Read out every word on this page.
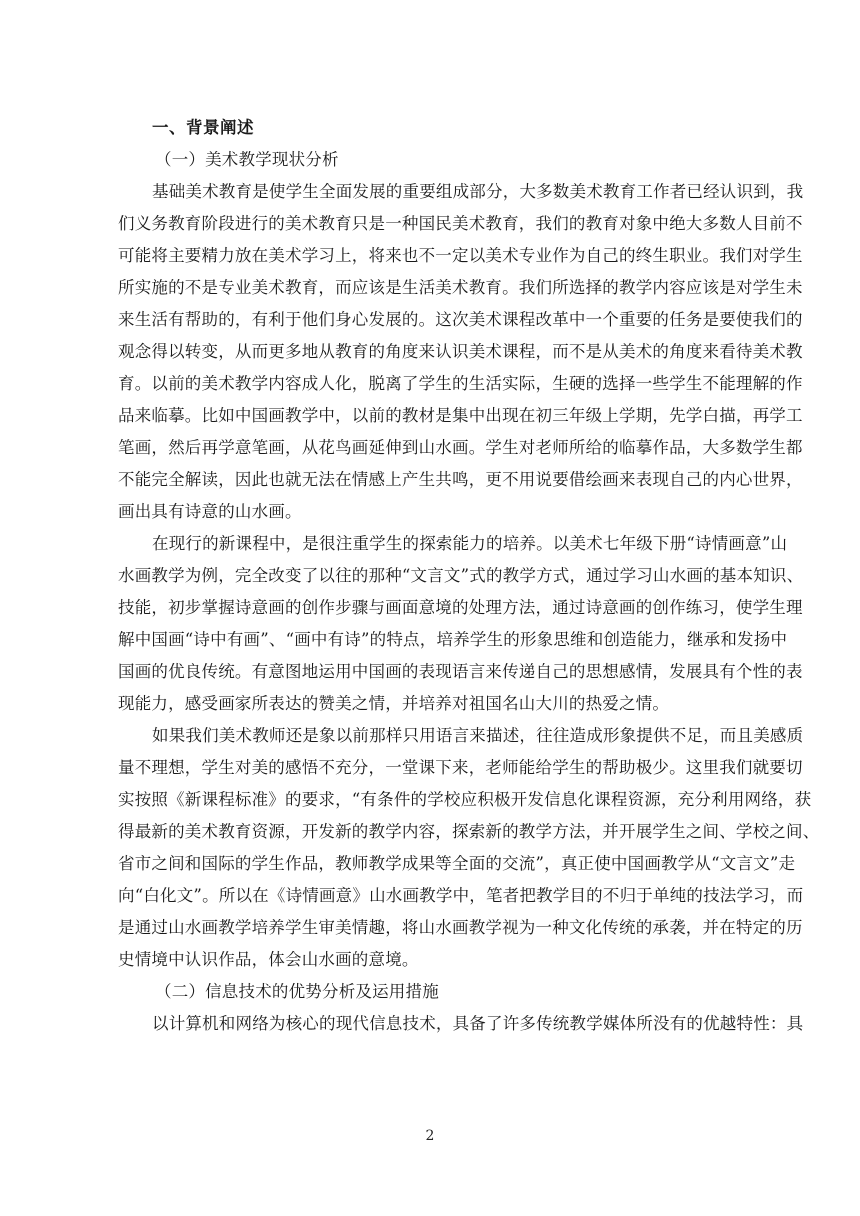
一、背景阐述
（一）美术教学现状分析
基础美术教育是使学生全面发展的重要组成部分，大多数美术教育工作者已经认识到，我
们义务教育阶段进行的美术教育只是一种国民美术教育，我们的教育对象中绝大多数人目前不
可能将主要精力放在美术学习上，将来也不一定以美术专业作为自己的终生职业。我们对学生
所实施的不是专业美术教育，而应该是生活美术教育。我们所选择的教学内容应该是对学生未
来生活有帮助的，有利于他们身心发展的。这次美术课程改革中一个重要的任务是要使我们的
观念得以转变，从而更多地从教育的角度来认识美术课程，而不是从美术的角度来看待美术教
育。以前的美术教学内容成人化，脱离了学生的生活实际，生硬的选择一些学生不能理解的作
品来临摹。比如中国画教学中，以前的教材是集中出现在初三年级上学期，先学白描，再学工
笔画，然后再学意笔画，从花鸟画延伸到山水画。学生对老师所给的临摹作品，大多数学生都
不能完全解读，因此也就无法在情感上产生共鸣，更不用说要借绘画来表现自己的内心世界，
画出具有诗意的山水画。
在现行的新课程中，是很注重学生的探索能力的培养。以美术七年级下册“诗情画意”山
水画教学为例，完全改变了以往的那种“文言文”式的教学方式，通过学习山水画的基本知识、
技能，初步掌握诗意画的创作步骤与画面意境的处理方法，通过诗意画的创作练习，使学生理
解中国画“诗中有画”、“画中有诗”的特点，培养学生的形象思维和创造能力，继承和发扬中
国画的优良传统。有意图地运用中国画的表现语言来传递自己的思想感情，发展具有个性的表
现能力，感受画家所表达的赞美之情，并培养对祖国名山大川的热爱之情。
如果我们美术教师还是象以前那样只用语言来描述，往往造成形象提供不足，而且美感质
量不理想，学生对美的感悟不充分，一堂课下来，老师能给学生的帮助极少。这里我们就要切
实按照《新课程标准》的要求，“有条件的学校应积极开发信息化课程资源，充分利用网络，获
得最新的美术教育资源，开发新的教学内容，探索新的教学方法，并开展学生之间、学校之间、
省市之间和国际的学生作品，教师教学成果等全面的交流”，真正使中国画教学从“文言文”走
向“白化文”。所以在《诗情画意》山水画教学中，笔者把教学目的不归于单纯的技法学习，而
是通过山水画教学培养学生审美情趣，将山水画教学视为一种文化传统的承袭，并在特定的历
史情境中认识作品，体会山水画的意境。
（二）信息技术的优势分析及运用措施
以计算机和网络为核心的现代信息技术，具备了许多传统教学媒体所没有的优越特性：具
2
